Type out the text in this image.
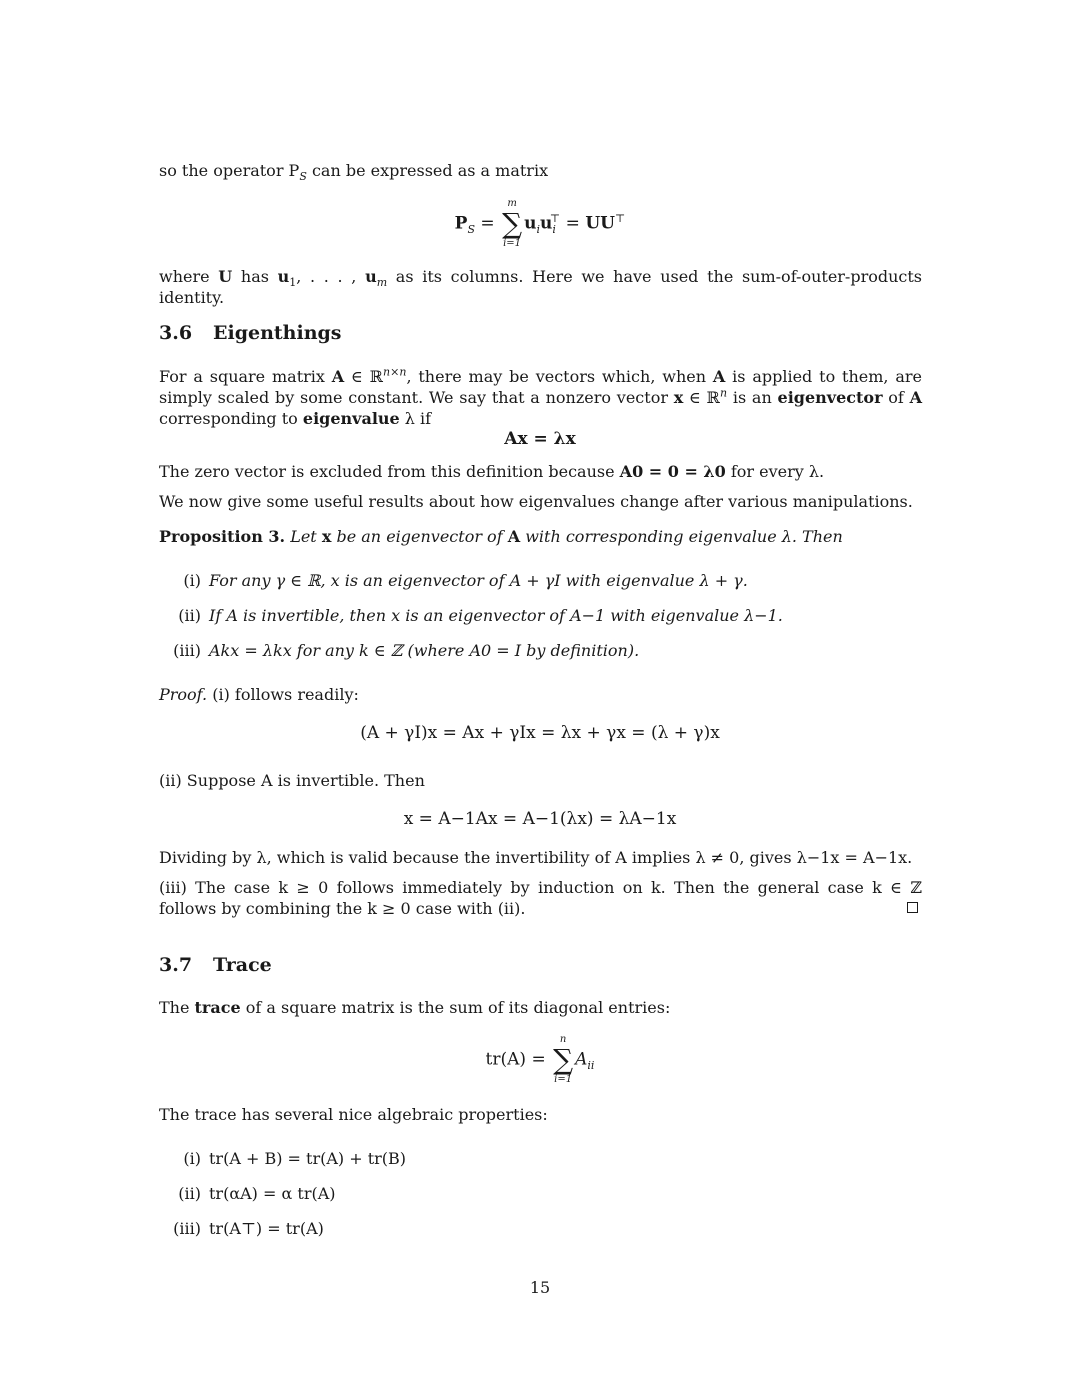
so the operator $P_S$ can be expressed as a matrix
$P_S$ =
m
∑
i=1
$u_iu_i^⊤ = UU^⊤$
where U has $u_1$, . . . , $u_m$ as its columns. Here we have used the sum-of-outer-products identity.
3.6 Eigenthings
For a square matrix A ∈ ℝ$^{n\times n}$, there may be vectors which, when A is applied to them, are simply scaled by some constant. We say that a nonzero vector x ∈ ℝ$^n$ is an eigenvector of A corresponding to eigenvalue λ if
Ax = λx
The zero vector is excluded from this definition because A0 = 0 = λ0 for every λ.
We now give some useful results about how eigenvalues change after various manipulations.
Proposition 3. Let x be an eigenvector of A with corresponding eigenvalue λ. Then
(i) For any γ ∈ ℝ, x is an eigenvector of A + γI with eigenvalue λ + γ.
(ii) If A is invertible, then x is an eigenvector of A−1 with eigenvalue λ−1.
(iii) Akx = λkx for any k ∈ ℤ (where A0 = I by definition).
Proof. (i) follows readily:
(A + γI)x = Ax + γIx = λx + γx = (λ + γ)x
(ii) Suppose A is invertible. Then
x = A−1Ax = A−1(λx) = λA−1x
Dividing by λ, which is valid because the invertibility of A implies λ ≠ 0, gives λ−1x = A−1x.
(iii) The case k ≥ 0 follows immediately by induction on k. Then the general case k ∈ ℤ follows by combining the k ≥ 0 case with (ii).
3.7 Trace
The trace of a square matrix is the sum of its diagonal entries:
tr(A) =
n
∑
i=1
$A_{ii}$
The trace has several nice algebraic properties:
(i) tr(A + B) = tr(A) + tr(B)
(ii) tr(αA) = α tr(A)
(iii) tr(A⊤) = tr(A)
15
